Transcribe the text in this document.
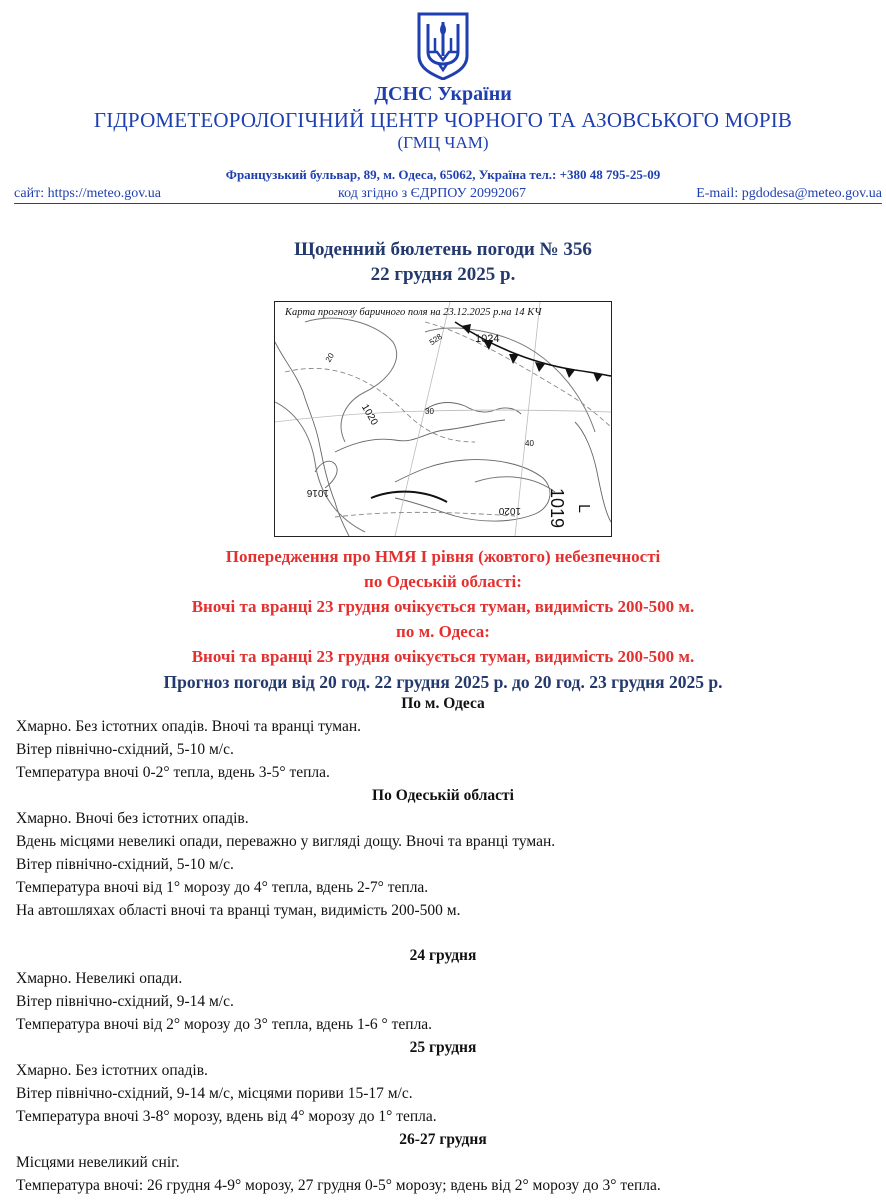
ДСНС України
ГІДРОМЕТЕОРОЛОГІЧНИЙ ЦЕНТР ЧОРНОГО ТА АЗОВСЬКОГО МОРІВ
(ГМЦ ЧАМ)
Французький бульвар, 89, м. Одеса, 65062, Україна тел.: +380 48 795-25-09
сайт: https://meteo.gov.ua	код згідно з ЄДРПОУ 20992067	E-mail: pgdodesa@meteo.gov.ua
Щоденний бюлетень погоди № 356
22 грудня 2025 р.
1024
528
1020
1016
1020 1019 L
20
30
40
Карта прогнозу баричного поля на 23.12.2025 р.на 14 КЧ
Попередження про НМЯ І рівня (жовтого) небезпечності
по Одеській області:
Вночі та вранці 23 грудня очікується туман, видимість 200-500 м.
по м. Одеса:
Вночі та вранці 23 грудня очікується туман, видимість 200-500 м.
Прогноз погоди від 20 год. 22 грудня 2025 р. до 20 год. 23 грудня 2025 р.
По м. Одеса
Хмарно. Без істотних опадів. Вночі та вранці туман.
Вітер північно-східний, 5-10 м/с.
Температура вночі 0-2° тепла, вдень 3-5° тепла.
По Одеській області
Хмарно. Вночі без істотних опадів.
Вдень місцями невеликі опади, переважно у вигляді дощу. Вночі та вранці туман.
Вітер північно-східний, 5-10 м/с.
Температура вночі від 1° морозу до 4° тепла, вдень 2-7° тепла.
На автошляхах області вночі та вранці туман, видимість 200-500 м.
24 грудня
Хмарно. Невеликі опади.
Вітер північно-східний, 9-14 м/с.
Температура вночі від 2° морозу до 3° тепла, вдень 1-6 ° тепла.
25 грудня
Хмарно. Без істотних опадів.
Вітер північно-східний, 9-14 м/с, місцями пориви 15-17 м/с.
Температура вночі 3-8° морозу, вдень від 4° морозу до 1° тепла.
26-27 грудня
Місцями невеликий сніг.
Температура вночі: 26 грудня 4-9° морозу, 27 грудня 0-5° морозу; вдень від 2° морозу до 3° тепла.
